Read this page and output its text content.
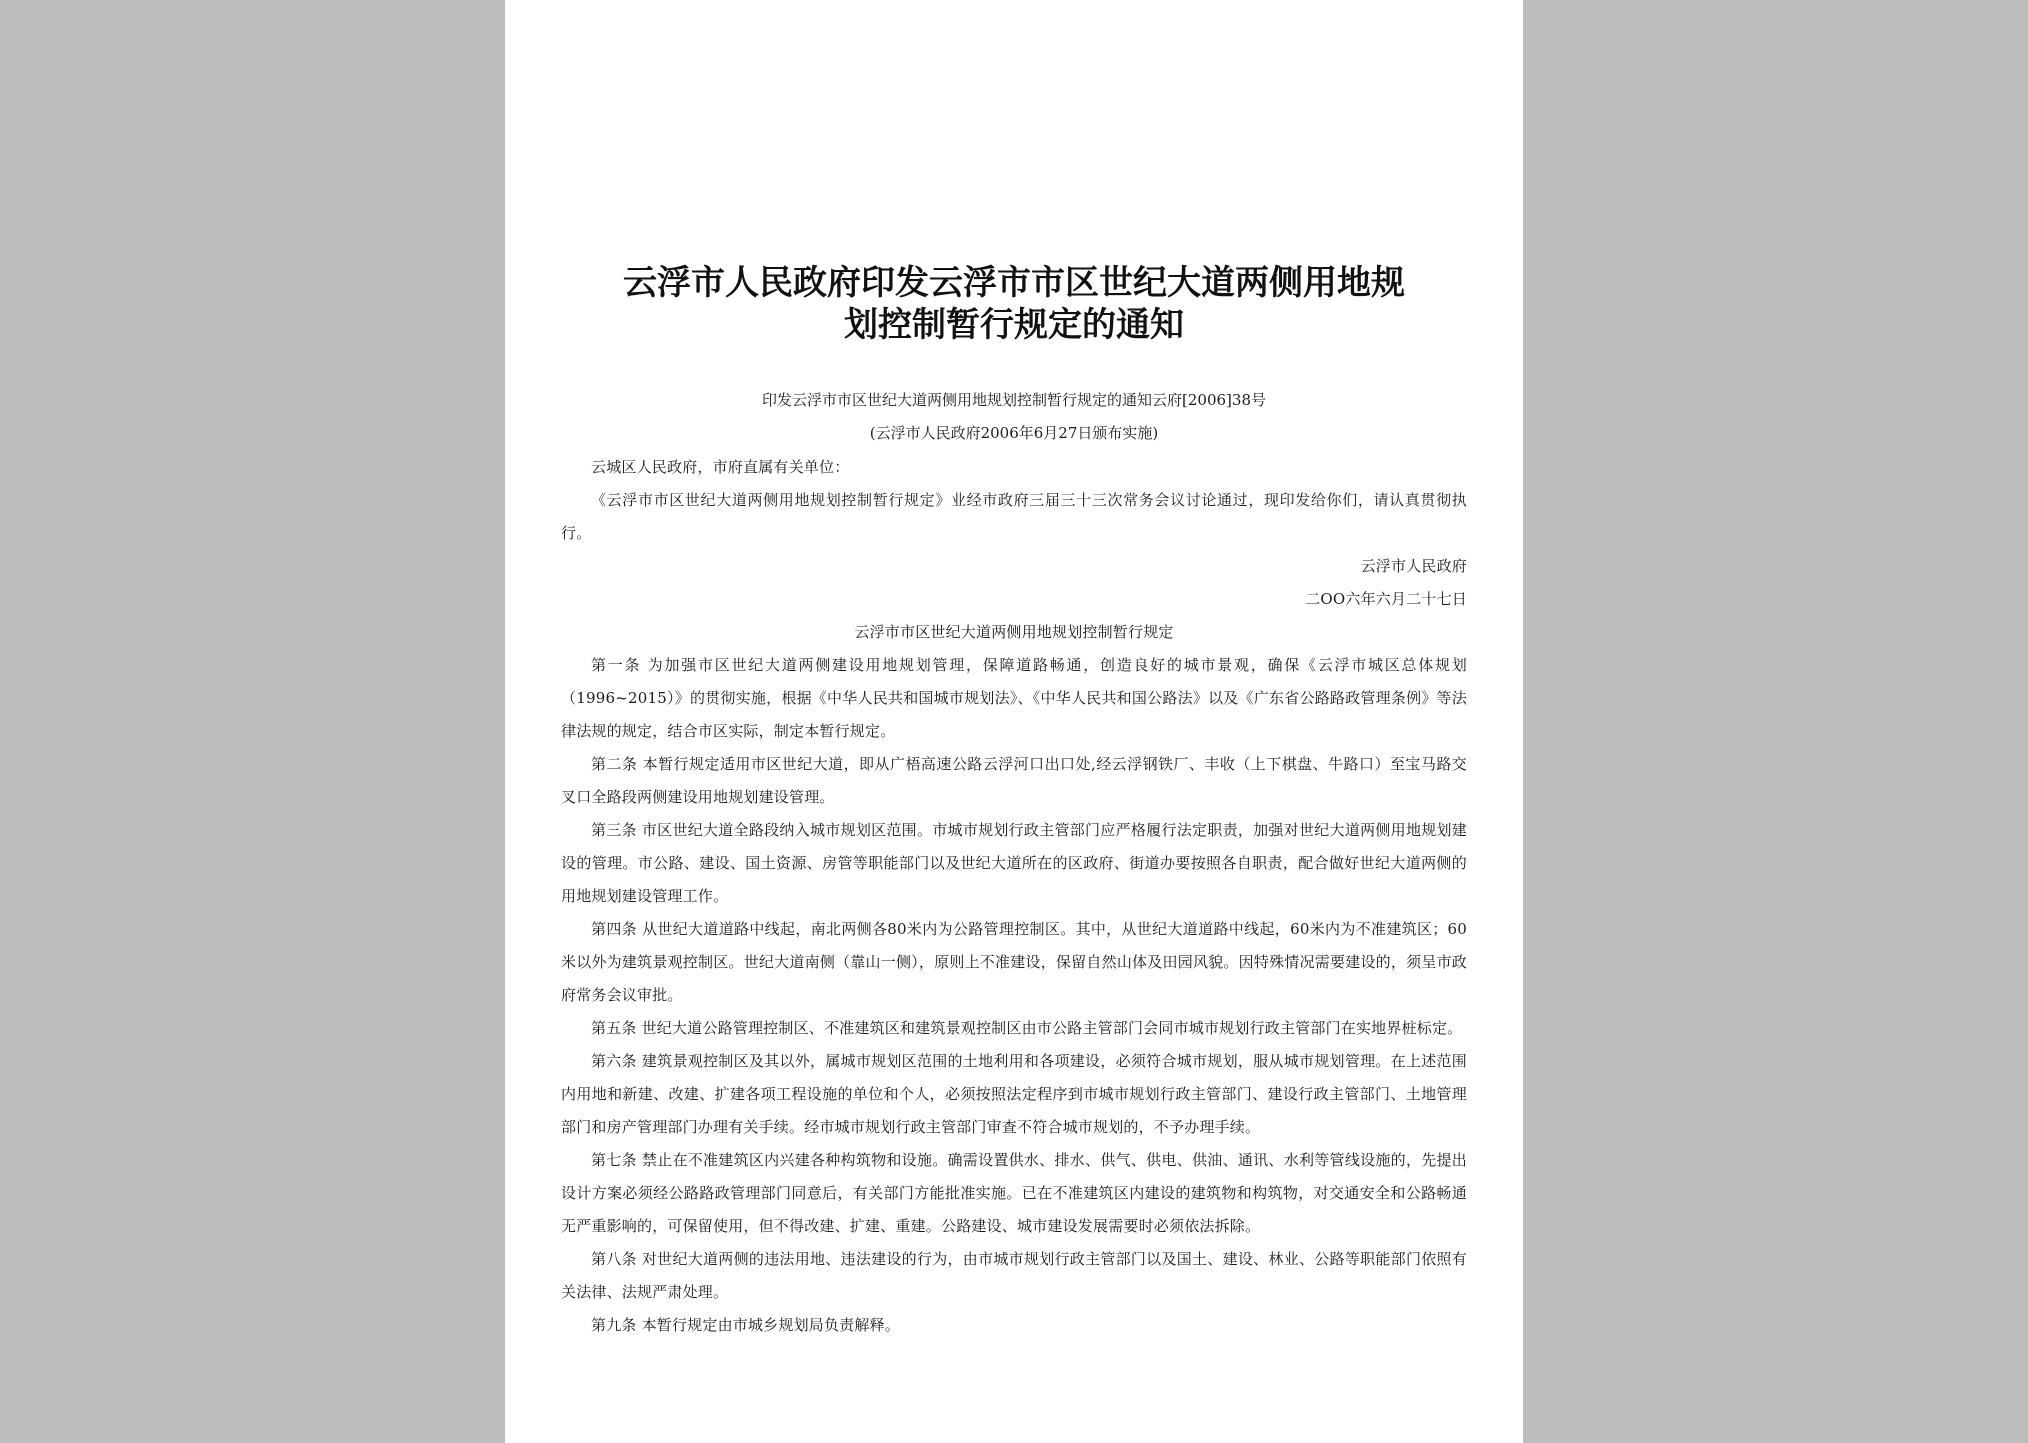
云浮市人民政府印发云浮市市区世纪大道两侧用地规
划控制暂行规定的通知
印发云浮市市区世纪大道两侧用地规划控制暂行规定的通知云府[2006]38号
(云浮市人民政府2006年6月27日颁布实施)

云城区人民政府，市府直属有关单位：

《云浮市市区世纪大道两侧用地规划控制暂行规定》业经市政府三届三十三次常务会议讨论通过，现印发给你们，请认真贯彻执行。

云浮市人民政府

二OO六年六月二十七日

云浮市市区世纪大道两侧用地规划控制暂行规定

第一条 为加强市区世纪大道两侧建设用地规划管理，保障道路畅通，创造良好的城市景观，确保《云浮市城区总体规划（1996~2015）》的贯彻实施，根据《中华人民共和国城市规划法》、《中华人民共和国公路法》以及《广东省公路路政管理条例》等法律法规的规定，结合市区实际，制定本暂行规定。

第二条 本暂行规定适用市区世纪大道，即从广梧高速公路云浮河口出口处,经云浮钢铁厂、丰收（上下棋盘、牛路口）至宝马路交叉口全路段两侧建设用地规划建设管理。

第三条 市区世纪大道全路段纳入城市规划区范围。市城市规划行政主管部门应严格履行法定职责，加强对世纪大道两侧用地规划建设的管理。市公路、建设、国土资源、房管等职能部门以及世纪大道所在的区政府、街道办要按照各自职责，配合做好世纪大道两侧的用地规划建设管理工作。

第四条 从世纪大道道路中线起，南北两侧各80米内为公路管理控制区。其中，从世纪大道道路中线起，60米内为不准建筑区；60米以外为建筑景观控制区。世纪大道南侧（靠山一侧），原则上不准建设，保留自然山体及田园风貌。因特殊情况需要建设的，须呈市政府常务会议审批。

第五条 世纪大道公路管理控制区、不准建筑区和建筑景观控制区由市公路主管部门会同市城市规划行政主管部门在实地界桩标定。

第六条 建筑景观控制区及其以外，属城市规划区范围的土地利用和各项建设，必须符合城市规划，服从城市规划管理。在上述范围内用地和新建、改建、扩建各项工程设施的单位和个人，必须按照法定程序到市城市规划行政主管部门、建设行政主管部门、土地管理部门和房产管理部门办理有关手续。经市城市规划行政主管部门审查不符合城市规划的，不予办理手续。

第七条 禁止在不准建筑区内兴建各种构筑物和设施。确需设置供水、排水、供气、供电、供油、通讯、水利等管线设施的，先提出设计方案必须经公路路政管理部门同意后，有关部门方能批准实施。已在不准建筑区内建设的建筑物和构筑物，对交通安全和公路畅通无严重影响的，可保留使用，但不得改建、扩建、重建。公路建设、城市建设发展需要时必须依法拆除。

第八条 对世纪大道两侧的违法用地、违法建设的行为，由市城市规划行政主管部门以及国土、建设、林业、公路等职能部门依照有关法律、法规严肃处理。

第九条 本暂行规定由市城乡规划局负责解释。
